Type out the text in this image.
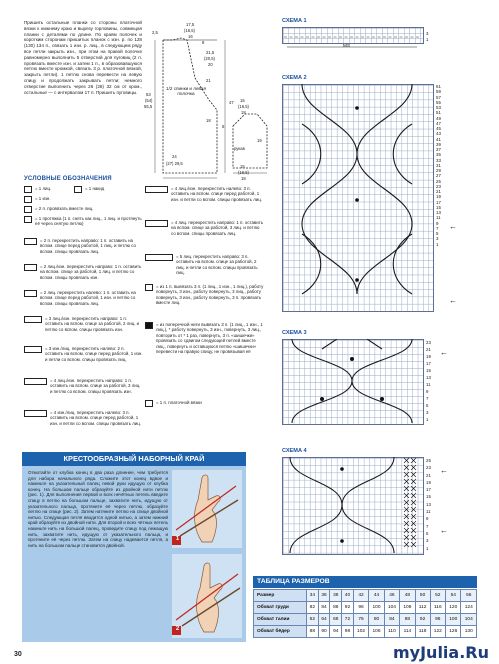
Пришить остальные планки со стороны платочной вязки к нижнему краю и вырезу горловины, совмещая планки с деталями по длине. По краям полочек и коротким сторонам пришитых планок с изн. р. по 128 (130) 134 п., связать 1 изн. р. лиц., в следующем ряду все петли закрыть изн., при этом на правой полочке равномерно выполнить 5 отверстий для пуговиц (2 п. провязать вместе изн. и затем 1 п., в образовавшуюся петлю вместе кромкой, связать 3 р. платочной вязкой, закрыть петли). 1 петлю снова перевести на левую спицу и продолжать закрывать петли; немного отверстие выполнить через 26 (28) 32 см от кром., остальные — с интервалом 17 п. Пришить пуговицы.
1/2 спинки и левая полочка
17,5
(16,5)
16
21,5
(20,5)
20
21
18
24
(27) 29,5
53
(54)
55,5
47
2,5
8
15
(16,5)
18
15
(16,5)
18
5
19
рукав
УСЛОВНЫЕ ОБОЗНАЧЕНИЯ
= 1 лиц.	= 1 накид
= 1 изн.
= 2 п. провязать вместе лиц.
= 1 протяжка (1 п. снять как лиц., 1 лиц. и протянуть её через снятую петлю)
= 2 п. перекрестить направо: 1 п. оставить на вспом. спице перед работой, 1 лиц. и петлю со вспом. спицы провязать лиц.
= 2 лиц./изн. перекрестить направо: 1 п. оставить на вспом. спице за работой, 1 лиц. и петлю со вспом. спицы провязать изн.
= 2 лиц. перекрестить налево: 1 п. оставить на вспом. спице перед работой, 1 изн. и петлю со вспом. спицы провязать лиц.
= 3 лиц./изн. перекрестить направо: 1 п. оставить на вспом. спице за работой, 2 лиц. и петлю со вспом. спицы провязать изн.
= 3 изн./лиц. перекрестить налево: 2 п. оставить на вспом. спице перед работой, 1 изн. и петли со вспом. спицы провязать лиц.
= 4 лиц./изн. перекрестить направо: 1 п. оставить на вспом. спице за работой, 3 лиц. и петлю со вспом. спицы провязать изн.
= 4 изн./лиц. перекрестить налево: 3 п. оставить на вспом. спице перед работой, 1 изн. и петли со вспом. спицы провязать лиц.
= 4 лиц./изн. перекрестить налево: 3 п. оставить на вспом. спице перед работой, 1 изн. и петли со вспом. спицы провязать лиц.
= 4 лиц. перекрестить направо: 1 п. оставить на вспом. спице за работой, 3 лиц. и петлю со вспом. спицы провязать лиц.
= 5 лиц. перекрестить направо: 3 п. оставить на вспом. спице за работой, 2 лиц. и петли со вспом. спицы провязать лиц.
= из 1 п. вывязать 3 п. (1 лиц., 1 изн., 1 лиц.), работу повернуть, 3 изн., работу повернуть, 3 лиц., работу повернуть, 3 изн., работу повернуть, 3 п. провязать вместе лиц.
= из поперечной нити вывязать 3 п. (1 лиц., 1 изн., 1 лиц.), * работу повернуть, 3 изн., повернуть, 3 лиц., повторить от * 1 раз, повернуть, 3 п. «шишечки» провязать со сдвигом следующей петлей вместе лиц., повернуть и оставшуюся петлю «шишечки» перевести на правую спицу, не провязывая её
= 1 п. платочной вязки
СХЕМА 1
MS
3
1
СХЕМА 2
61
59
57
55
53
51
49
47
45
43
41
39
37
35
33
31
29
27
25
23
21
19
17
15
13
11
9
7
5
3
1
←
←
СХЕМА 3
23
21
19
17
15
13
11
9
7
5
3
1
←
СХЕМА 4
25
23
21
19
17
15
13
11
9
7
5
3
1
←
←
КРЕСТООБРАЗНЫЙ НАБОРНЫЙ КРАЙ
Отмотайте от клубка конец в два раза длиннее, чем требуется для набора начального ряда. Сложите этот конец вдвое и накиньте на указательный палец левой руки идущую от клубка конец. На большом пальце образуйте из двойной нити петлю (рис. 1). Для выполнения первой и всех нечётных петель введите спицу в петлю на большом пальце, захватите нить, идущую от указательного пальца, протяните её через петлю, образуйте петлю на спице (рис. 2). Затем натяните петлю на спице двойной нитью. Следующая петля вводится одной нитью, а затем нижний край образуйте из двойной нити. Для второй и всех чётных петель накиньте нить на большой палец, проведите спицу под лежащую нить, захватите нить, идущую от указательного пальца, и протяните её через петлю. Затем на спицу надевается петля, а нить на большом пальце становится двойной.
1
2
ТАБЛИЦА РАЗМЕРОВ
Размер	34	36	38	40	42	44	46	48	50	52	54	56
Обхват груди	82	84	88	92	96	100	104	108	112	116	120	124
Обхват талии	62	64	68	72	76	80	84	88	92	96	100	104
Обхват бёдер	88	90	94	98	102	106	110	114	118	122	126	130
30	myJulia.Ru
